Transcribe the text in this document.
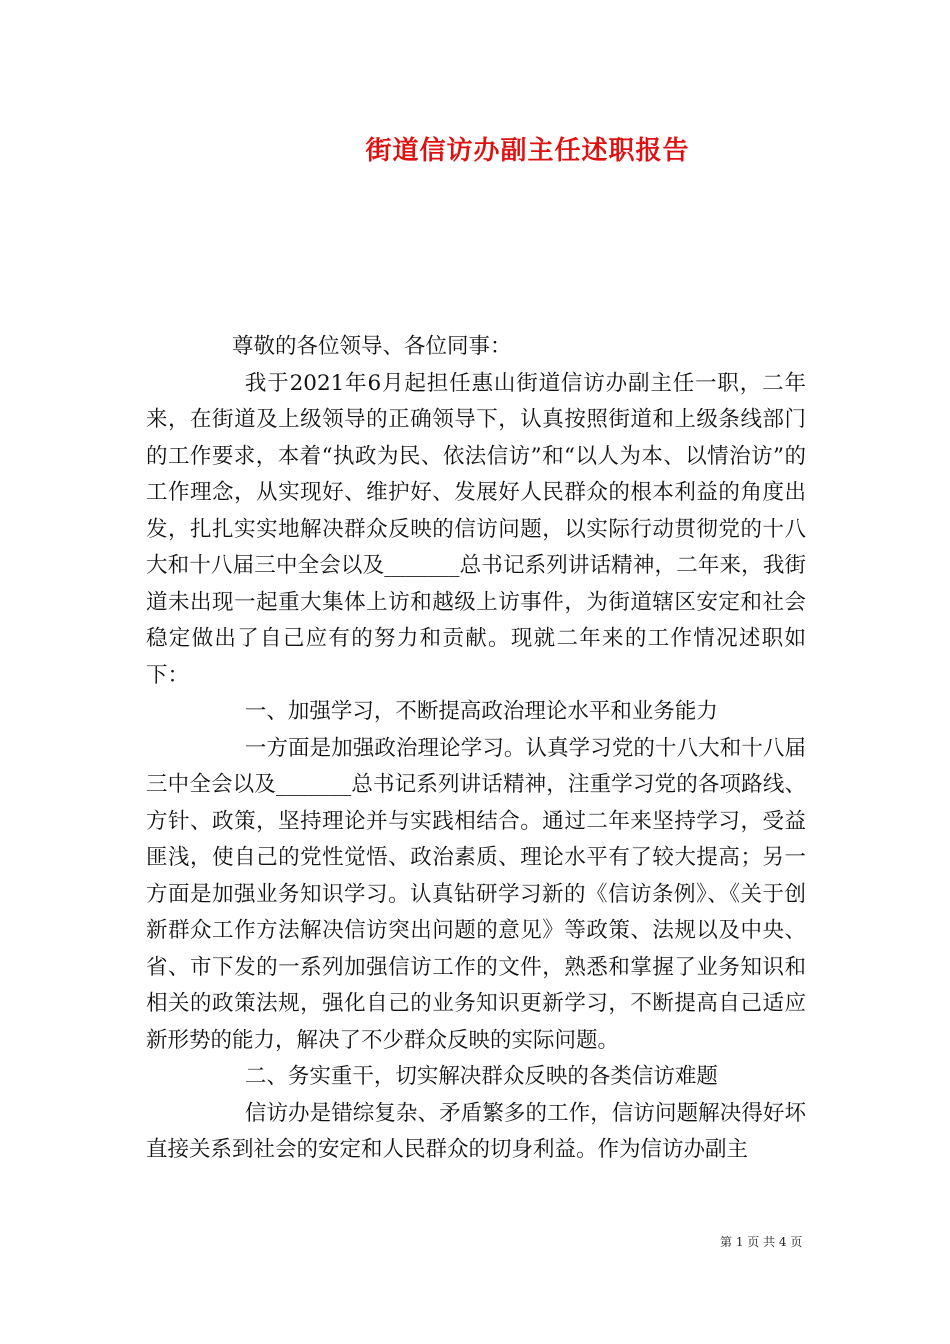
街道信访办副主任述职报告

尊敬的各位领导、各位同事：

我于2021年6月起担任惠山街道信访办副主任一职，二年来，在街道及上级领导的正确领导下，认真按照街道和上级条线部门的工作要求，本着“执政为民、依法信访”和“以人为本、以情治访”的工作理念，从实现好、维护好、发展好人民群众的根本利益的角度出发，扎扎实实地解决群众反映的信访问题，以实际行动贯彻党的十八大和十八届三中全会以及_______总书记系列讲话精神，二年来，我街道未出现一起重大集体上访和越级上访事件，为街道辖区安定和社会稳定做出了自己应有的努力和贡献。现就二年来的工作情况述职如下：

一、加强学习，不断提高政治理论水平和业务能力

一方面是加强政治理论学习。认真学习党的十八大和十八届三中全会以及_______总书记系列讲话精神，注重学习党的各项路线、方针、政策，坚持理论并与实践相结合。通过二年来坚持学习，受益匪浅，使自己的党性觉悟、政治素质、理论水平有了较大提高；另一方面是加强业务知识学习。认真钻研学习新的《信访条例》、《关于创新群众工作方法解决信访突出问题的意见》等政策、法规以及中央、省、市下发的一系列加强信访工作的文件，熟悉和掌握了业务知识和相关的政策法规，强化自己的业务知识更新学习，不断提高自己适应新形势的能力，解决了不少群众反映的实际问题。

二、务实重干，切实解决群众反映的各类信访难题

信访办是错综复杂、矛盾繁多的工作，信访问题解决得好坏直接关系到社会的安定和人民群众的切身利益。作为信访办副主

第 1 页 共 4 页
